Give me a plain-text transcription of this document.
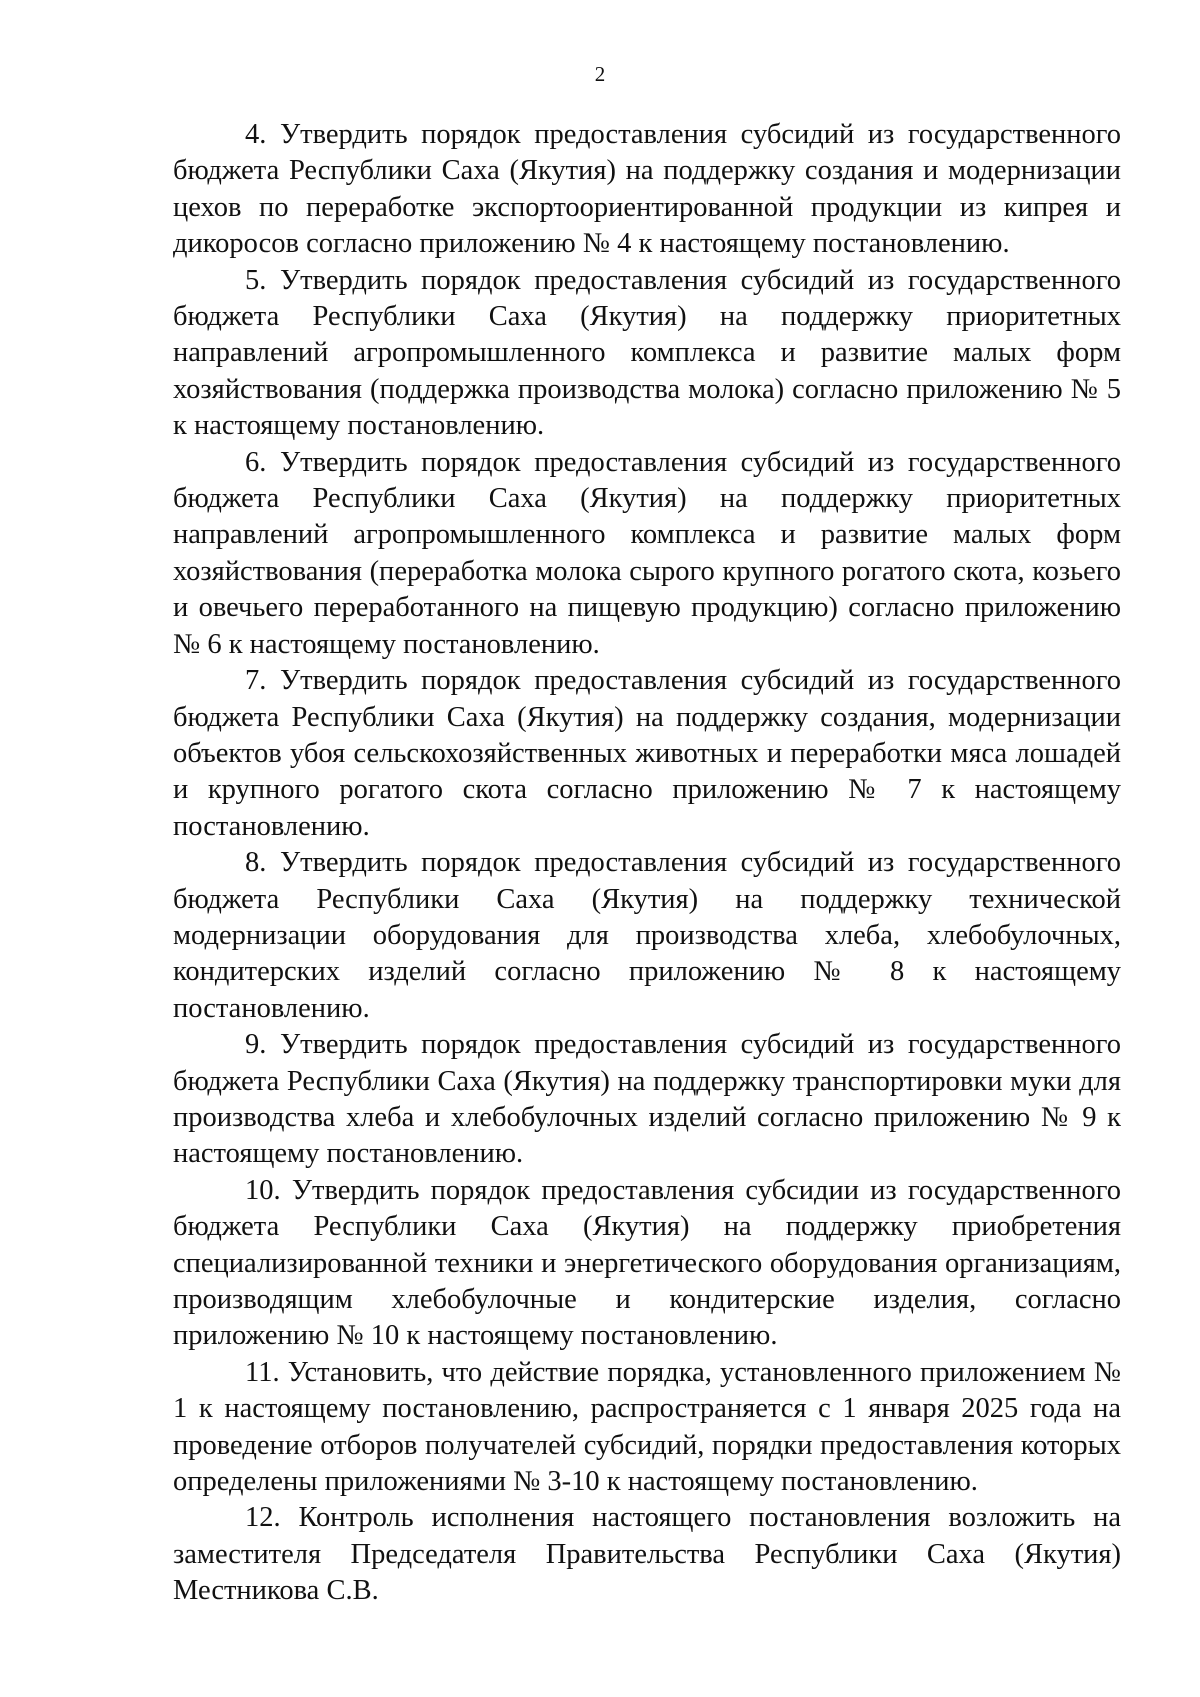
2

4. Утвердить порядок предоставления субсидий из государственного бюджета Республики Саха (Якутия) на поддержку создания и модернизации цехов по переработке экспортоориентированной продукции из кипрея и дикоросов согласно приложению № 4 к настоящему постановлению.

5. Утвердить порядок предоставления субсидий из государственного бюджета Республики Саха (Якутия) на поддержку приоритетных направлений агропромышленного комплекса и развитие малых форм хозяйствования (поддержка производства молока) согласно приложению № 5 к настоящему постановлению.

6. Утвердить порядок предоставления субсидий из государственного бюджета Республики Саха (Якутия) на поддержку приоритетных направлений агропромышленного комплекса и развитие малых форм хозяйствования (переработка молока сырого крупного рогатого скота, козьего и овечьего переработанного на пищевую продукцию) согласно приложению № 6 к настоящему постановлению.

7. Утвердить порядок предоставления субсидий из государственного бюджета Республики Саха (Якутия) на поддержку создания, модернизации объектов убоя сельскохозяйственных животных и переработки мяса лошадей и крупного рогатого скота согласно приложению № 7 к настоящему постановлению.

8. Утвердить порядок предоставления субсидий из государственного бюджета Республики Саха (Якутия) на поддержку технической модернизации оборудования для производства хлеба, хлебобулочных, кондитерских изделий согласно приложению № 8 к настоящему постановлению.

9. Утвердить порядок предоставления субсидий из государственного бюджета Республики Саха (Якутия) на поддержку транспортировки муки для производства хлеба и хлебобулочных изделий согласно приложению № 9 к настоящему постановлению.

10. Утвердить порядок предоставления субсидии из государственного бюджета Республики Саха (Якутия) на поддержку приобретения специализированной техники и энергетического оборудования организациям, производящим хлебобулочные и кондитерские изделия, согласно приложению № 10 к настоящему постановлению.

11. Установить, что действие порядка, установленного приложением № 1 к настоящему постановлению, распространяется с 1 января 2025 года на проведение отборов получателей субсидий, порядки предоставления которых определены приложениями № 3-10 к настоящему постановлению.

12. Контроль исполнения настоящего постановления возложить на заместителя Председателя Правительства Республики Саха (Якутия) Местникова С.В.
